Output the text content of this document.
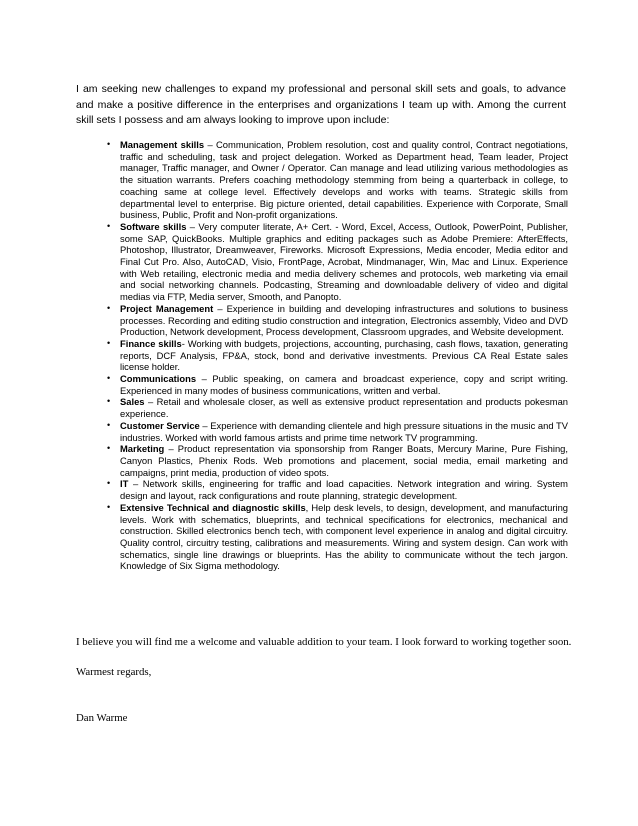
I am seeking new challenges to expand my professional and personal skill sets and goals, to advance and make a positive difference in the enterprises and organizations I team up with. Among the current skill sets I possess and am always looking to improve upon include:

• Management skills – Communication, Problem resolution, cost and quality control, Contract negotiations, traffic and scheduling, task and project delegation. Worked as Department head, Team leader, Project manager, Traffic manager, and Owner / Operator. Can manage and lead utilizing various methodologies as the situation warrants. Prefers coaching methodology stemming from being a quarterback in college, to coaching same at college level. Effectively develops and works with teams. Strategic skills from departmental level to enterprise. Big picture oriented, detail capabilities. Experience with Corporate, Small business, Public, Profit and Non-profit organizations.
• Software skills – Very computer literate, A+ Cert. - Word, Excel, Access, Outlook, PowerPoint, Publisher, some SAP, QuickBooks. Multiple graphics and editing packages such as Adobe Premiere: AfterEffects, Photoshop, Illustrator, Dreamweaver, Fireworks. Microsoft Expressions, Media encoder, Media editor and Final Cut Pro. Also, AutoCAD, Visio, FrontPage, Acrobat, Mindmanager, Win, Mac and Linux. Experience with Web retailing, electronic media and media delivery schemes and protocols, web marketing via email and social networking channels. Podcasting, Streaming and downloadable delivery of video and digital medias via FTP, Media server, Smooth, and Panopto.
• Project Management – Experience in building and developing infrastructures and solutions to business processes. Recording and editing studio construction and integration, Electronics assembly, Video and DVD Production, Network development, Process development, Classroom upgrades, and Website development.
• Finance skills- Working with budgets, projections, accounting, purchasing, cash flows, taxation, generating reports, DCF Analysis, FP&A, stock, bond and derivative investments. Previous CA Real Estate sales license holder.
• Communications – Public speaking, on camera and broadcast experience, copy and script writing. Experienced in many modes of business communications, written and verbal.
• Sales – Retail and wholesale closer, as well as extensive product representation and products pokesman experience.
• Customer Service – Experience with demanding clientele and high pressure situations in the music and TV industries. Worked with world famous artists and prime time network TV programming.
• Marketing – Product representation via sponsorship from Ranger Boats, Mercury Marine, Pure Fishing, Canyon Plastics, Phenix Rods. Web promotions and placement, social media, email marketing and campaigns, print media, production of video spots.
• IT – Network skills, engineering for traffic and load capacities. Network integration and wiring. System design and layout, rack configurations and route planning, strategic development.
• Extensive Technical and diagnostic skills, Help desk levels, to design, development, and manufacturing levels. Work with schematics, blueprints, and technical specifications for electronics, mechanical and construction. Skilled electronics bench tech, with component level experience in analog and digital circuitry. Quality control, circuitry testing, calibrations and measurements. Wiring and system design. Can work with schematics, single line drawings or blueprints. Has the ability to communicate without the tech jargon. Knowledge of Six Sigma methodology.
I believe you will find me a welcome and valuable addition to your team. I look forward to working together soon.
Warmest regards,
Dan Warme
